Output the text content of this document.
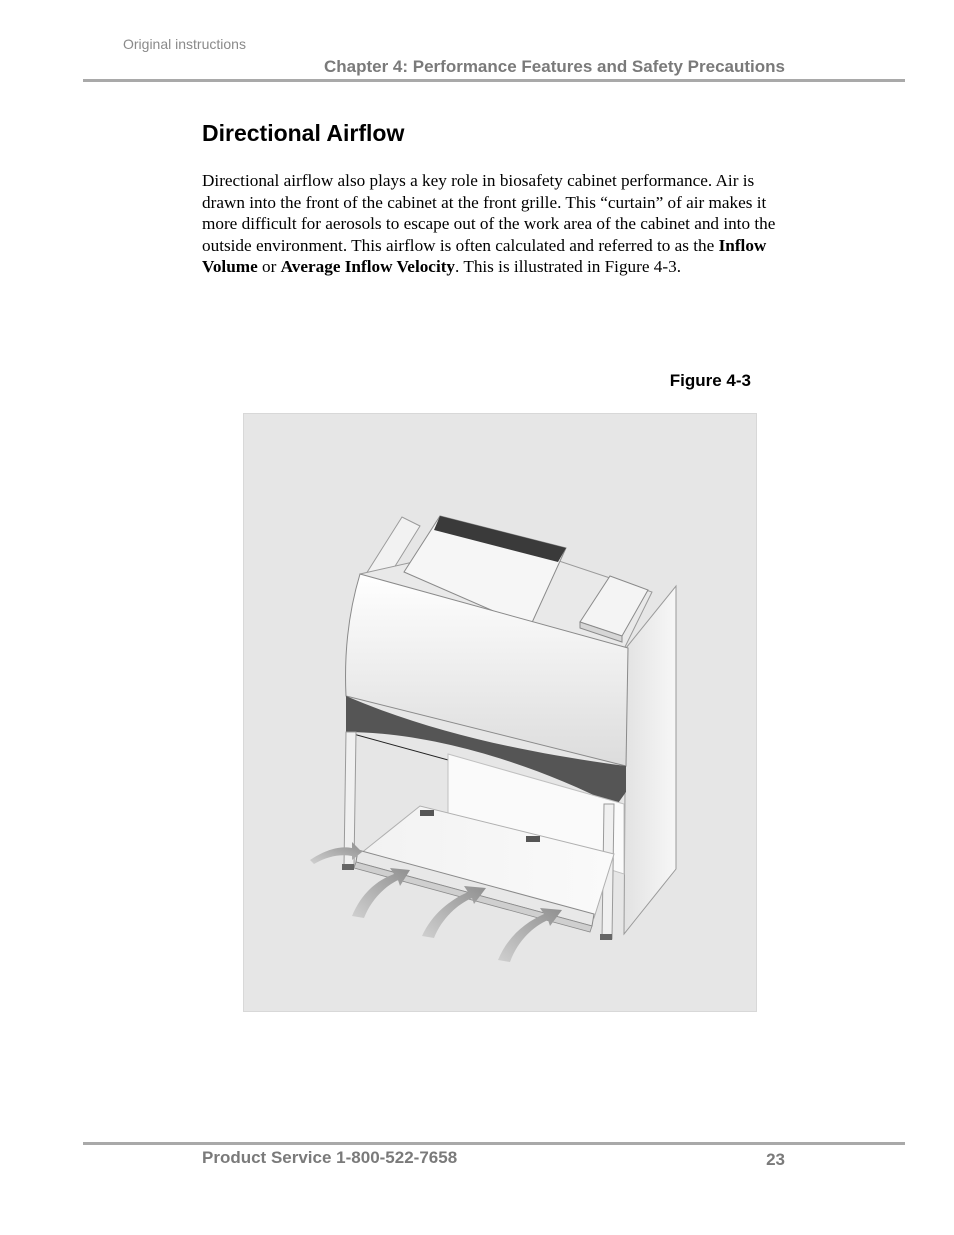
Original instructions
Chapter 4: Performance Features and Safety Precautions
Directional Airflow

Directional airflow also plays a key role in biosafety cabinet performance. Air is drawn into the front of the cabinet at the front grille. This “curtain” of air makes it more difficult for aerosols to escape out of the work area of the cabinet and into the outside environment. This airflow is often calculated and referred to as the Inflow Volume or Average Inflow Velocity. This is illustrated in Figure 4-3.

Figure 4-3
Product Service 1-800-522-7658	23
